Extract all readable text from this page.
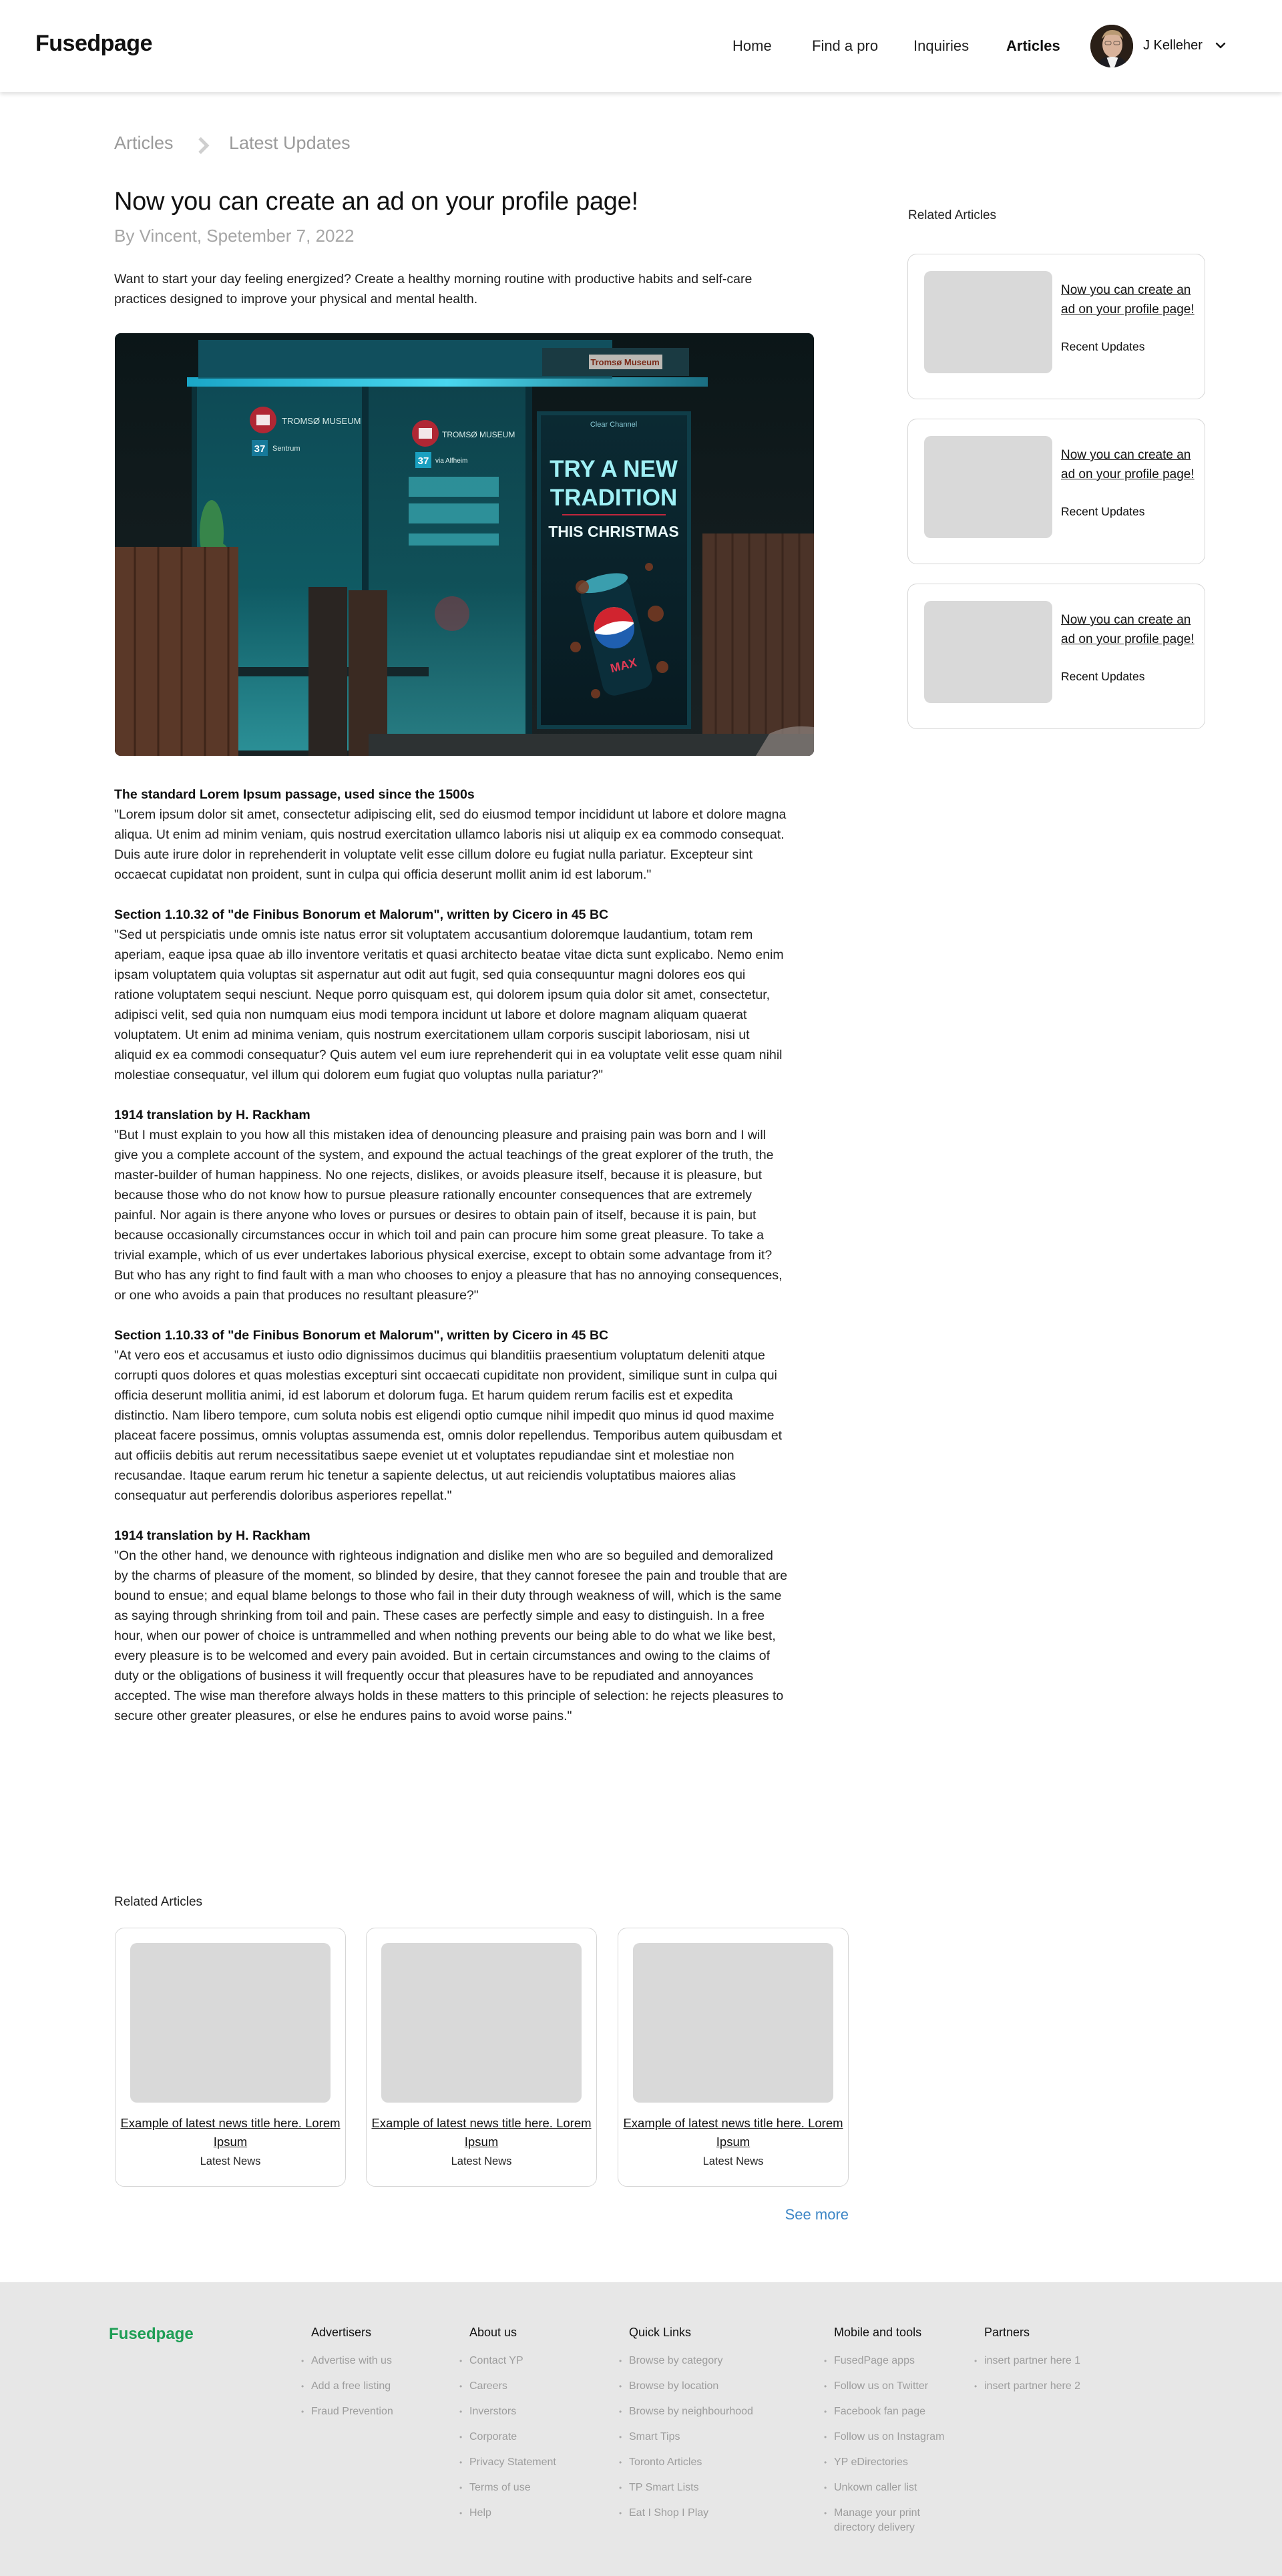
Fusedpage	Home	Find a pro Inquiries	Articles	J Kelleher
Articles	Latest Updates
Now you can create an ad on your profile page!
By Vincent, Spetember 7, 2022

Want to start your day feeling energized? Create a healthy morning routine with productive habits and self-care practices designed to improve your physical and mental health.

Tromsø Museum
Clear Channel
TRY A NEW
TRADITION
THIS CHRISTMAS
MAX
TROMSØ MUSEUM
37 Sentrum
TROMSØ MUSEUM
37 via Alfheim
The standard Lorem Ipsum passage, used since the 1500s

"Lorem ipsum dolor sit amet, consectetur adipiscing elit, sed do eiusmod tempor incididunt ut labore et dolore magna aliqua. Ut enim ad minim veniam, quis nostrud exercitation ullamco laboris nisi ut aliquip ex ea commodo consequat. Duis aute irure dolor in reprehenderit in voluptate velit esse cillum dolore eu fugiat nulla pariatur. Excepteur sint occaecat cupidatat non proident, sunt in culpa qui officia deserunt mollit anim id est laborum."

Section 1.10.32 of "de Finibus Bonorum et Malorum", written by Cicero in 45 BC

"Sed ut perspiciatis unde omnis iste natus error sit voluptatem accusantium doloremque laudantium, totam rem aperiam, eaque ipsa quae ab illo inventore veritatis et quasi architecto beatae vitae dicta sunt explicabo. Nemo enim ipsam voluptatem quia voluptas sit aspernatur aut odit aut fugit, sed quia consequuntur magni dolores eos qui ratione voluptatem sequi nesciunt. Neque porro quisquam est, qui dolorem ipsum quia dolor sit amet, consectetur, adipisci velit, sed quia non numquam eius modi tempora incidunt ut labore et dolore magnam aliquam quaerat voluptatem. Ut enim ad minima veniam, quis nostrum exercitationem ullam corporis suscipit laboriosam, nisi ut aliquid ex ea commodi consequatur? Quis autem vel eum iure reprehenderit qui in ea voluptate velit esse quam nihil molestiae consequatur, vel illum qui dolorem eum fugiat quo voluptas nulla pariatur?"

1914 translation by H. Rackham

"But I must explain to you how all this mistaken idea of denouncing pleasure and praising pain was born and I will give you a complete account of the system, and expound the actual teachings of the great explorer of the truth, the master-builder of human happiness. No one rejects, dislikes, or avoids pleasure itself, because it is pleasure, but because those who do not know how to pursue pleasure rationally encounter consequences that are extremely painful. Nor again is there anyone who loves or pursues or desires to obtain pain of itself, because it is pain, but because occasionally circumstances occur in which toil and pain can procure him some great pleasure. To take a trivial example, which of us ever undertakes laborious physical exercise, except to obtain some advantage from it? But who has any right to find fault with a man who chooses to enjoy a pleasure that has no annoying consequences, or one who avoids a pain that produces no resultant pleasure?"

Section 1.10.33 of "de Finibus Bonorum et Malorum", written by Cicero in 45 BC

"At vero eos et accusamus et iusto odio dignissimos ducimus qui blanditiis praesentium voluptatum deleniti atque corrupti quos dolores et quas molestias excepturi sint occaecati cupiditate non provident, similique sunt in culpa qui officia deserunt mollitia animi, id est laborum et dolorum fuga. Et harum quidem rerum facilis est et expedita distinctio. Nam libero tempore, cum soluta nobis est eligendi optio cumque nihil impedit quo minus id quod maxime placeat facere possimus, omnis voluptas assumenda est, omnis dolor repellendus. Temporibus autem quibusdam et aut officiis debitis aut rerum necessitatibus saepe eveniet ut et voluptates repudiandae sint et molestiae non recusandae. Itaque earum rerum hic tenetur a sapiente delectus, ut aut reiciendis voluptatibus maiores alias consequatur aut perferendis doloribus asperiores repellat."

1914 translation by H. Rackham

"On the other hand, we denounce with righteous indignation and dislike men who are so beguiled and demoralized by the charms of pleasure of the moment, so blinded by desire, that they cannot foresee the pain and trouble that are bound to ensue; and equal blame belongs to those who fail in their duty through weakness of will, which is the same as saying through shrinking from toil and pain. These cases are perfectly simple and easy to distinguish. In a free hour, when our power of choice is untrammelled and when nothing prevents our being able to do what we like best, every pleasure is to be welcomed and every pain avoided. But in certain circumstances and owing to the claims of duty or the obligations of business it will frequently occur that pleasures have to be repudiated and annoyances accepted. The wise man therefore always holds in these matters to this principle of selection: he rejects pleasures to secure other greater pleasures, or else he endures pains to avoid worse pains."

Related Articles
Now you can create an ad on your profile page!
Recent Updates
Now you can create an ad on your profile page!
Recent Updates
Now you can create an ad on your profile page!
Recent Updates
Related Articles
Example of latest news title here. Lorem Ipsum
Latest News
Example of latest news title here. Lorem Ipsum
Latest News
Example of latest news title here. Lorem Ipsum
Latest News
See more
Fusedpage	Advertisers
• Advertise with us
• Add a free listing
• Fraud Prevention
About us
• Contact YP
• Careers
• Inverstors
• Corporate
• Privacy Statement
• Terms of use
• Help
Quick Links
• Browse by category
• Browse by location
• Browse by neighbourhood
• Smart Tips
• Toronto Articles
• TP Smart Lists
• Eat I Shop I Play
Mobile and tools
• FusedPage apps
• Follow us on Twitter
• Facebook fan page
• Follow us on Instagram
• YP eDirectories
• Unkown caller list
• Manage your print directory delivery
Partners
• insert partner here 1
• insert partner here 2
